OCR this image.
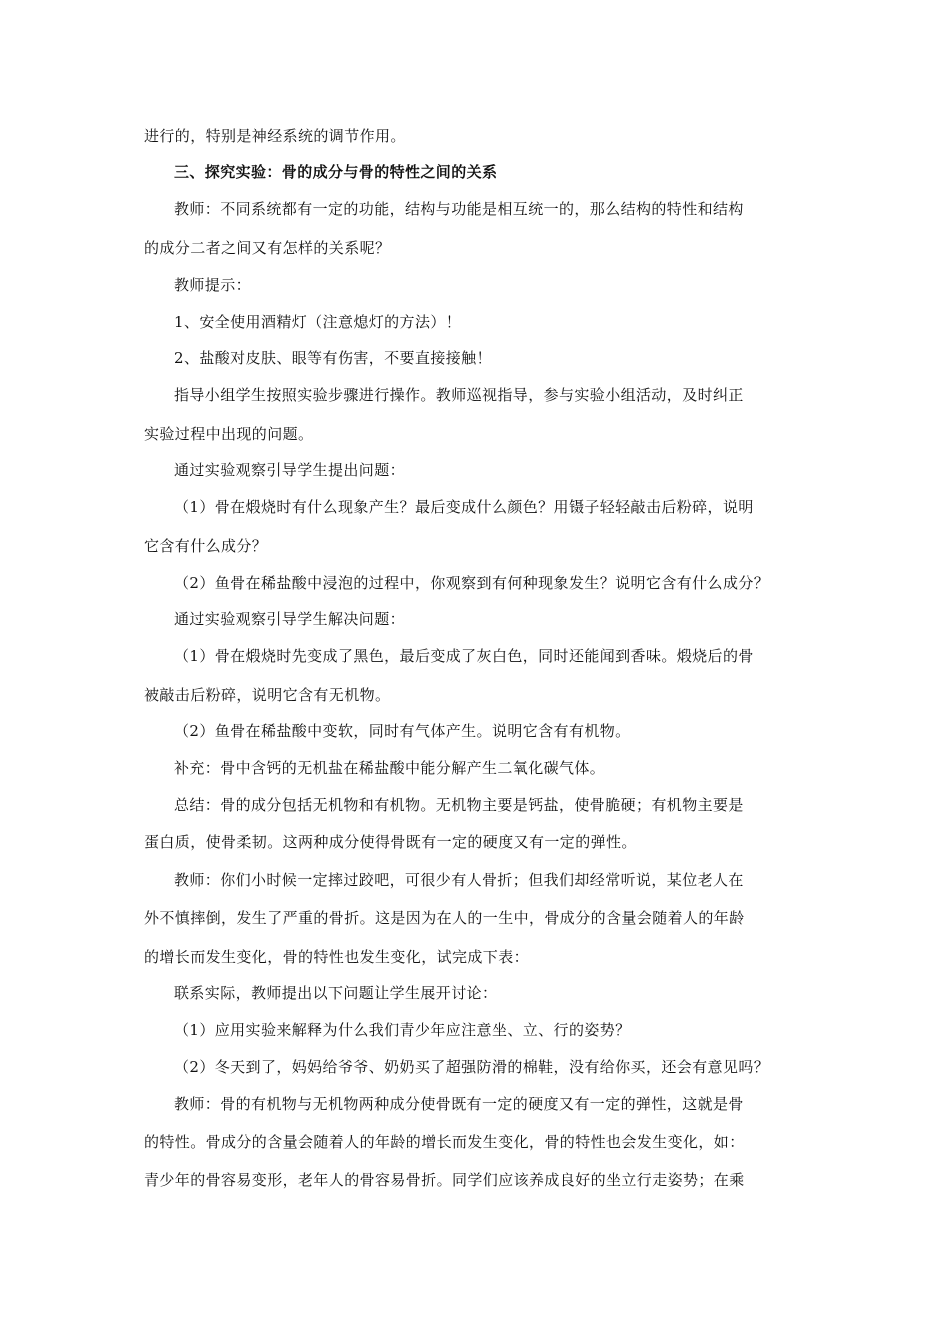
进行的，特别是神经系统的调节作用。
三、探究实验：骨的成分与骨的特性之间的关系
教师：不同系统都有一定的功能，结构与功能是相互统一的，那么结构的特性和结构
的成分二者之间又有怎样的关系呢？
教师提示：
1、安全使用酒精灯（注意熄灯的方法）！
2、盐酸对皮肤、眼等有伤害，不要直接接触！
指导小组学生按照实验步骤进行操作。教师巡视指导，参与实验小组活动，及时纠正
实验过程中出现的问题。
通过实验观察引导学生提出问题：
（1）骨在煅烧时有什么现象产生？最后变成什么颜色？用镊子轻轻敲击后粉碎，说明
它含有什么成分？
（2）鱼骨在稀盐酸中浸泡的过程中，你观察到有何种现象发生？说明它含有什么成分？
通过实验观察引导学生解决问题：
（1）骨在煅烧时先变成了黑色，最后变成了灰白色，同时还能闻到香味。煅烧后的骨
被敲击后粉碎，说明它含有无机物。
（2）鱼骨在稀盐酸中变软，同时有气体产生。说明它含有有机物。
补充：骨中含钙的无机盐在稀盐酸中能分解产生二氧化碳气体。
总结：骨的成分包括无机物和有机物。无机物主要是钙盐，使骨脆硬；有机物主要是
蛋白质，使骨柔韧。这两种成分使得骨既有一定的硬度又有一定的弹性。
教师：你们小时候一定摔过跤吧，可很少有人骨折；但我们却经常听说，某位老人在
外不慎摔倒，发生了严重的骨折。这是因为在人的一生中，骨成分的含量会随着人的年龄
的增长而发生变化，骨的特性也发生变化，试完成下表：
联系实际，教师提出以下问题让学生展开讨论：
（1）应用实验来解释为什么我们青少年应注意坐、立、行的姿势？
（2）冬天到了，妈妈给爷爷、奶奶买了超强防滑的棉鞋，没有给你买，还会有意见吗？
教师：骨的有机物与无机物两种成分使骨既有一定的硬度又有一定的弹性，这就是骨
的特性。骨成分的含量会随着人的年龄的增长而发生变化，骨的特性也会发生变化，如：
青少年的骨容易变形，老年人的骨容易骨折。同学们应该养成良好的坐立行走姿势；在乘
